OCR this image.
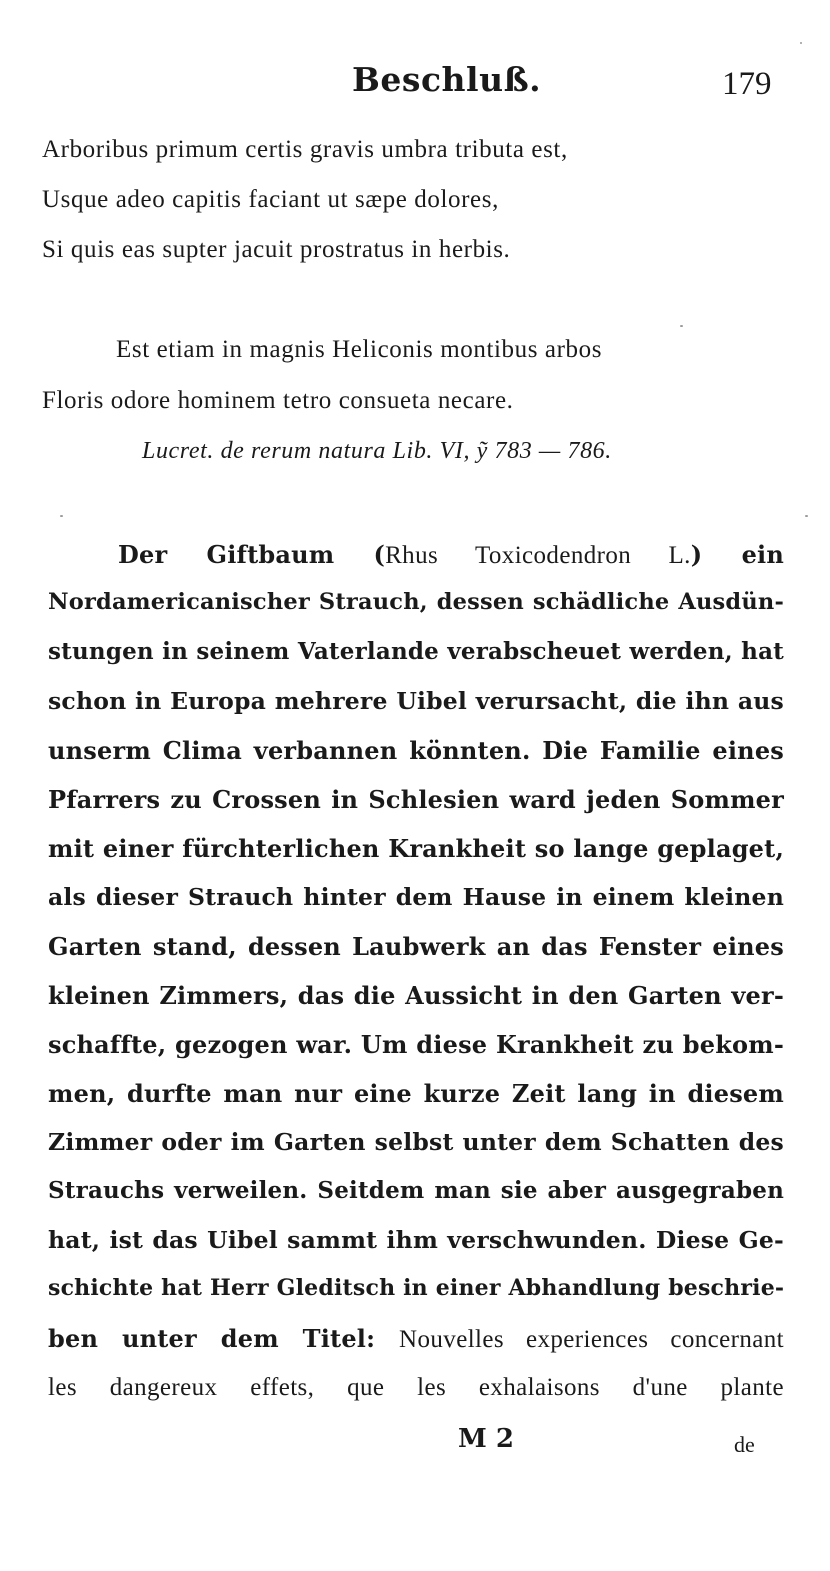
Beschluß.	179
Arboribus primum certis gravis umbra tributa est,
Usque adeo capitis faciant ut sæpe dolores,
Si quis eas supter jacuit prostratus in herbis.
Est etiam in magnis Heliconis montibus arbos
Floris odore hominem tetro consueta necare.
Lucret. de rerum natura Lib. VI, ỹ 783 — 786.
Der Giftbaum (Rhus Toxicodendron L.) ein
Nordamericanischer Strauch, dessen schädliche Ausdün-
stungen in seinem Vaterlande verabscheuet werden, hat
schon in Europa mehrere Uibel verursacht, die ihn aus
unserm Clima verbannen könnten. Die Familie eines
Pfarrers zu Crossen in Schlesien ward jeden Sommer
mit einer fürchterlichen Krankheit so lange geplaget,
als dieser Strauch hinter dem Hause in einem kleinen
Garten stand, dessen Laubwerk an das Fenster eines
kleinen Zimmers, das die Aussicht in den Garten ver-
schaffte, gezogen war. Um diese Krankheit zu bekom-
men, durfte man nur eine kurze Zeit lang in diesem
Zimmer oder im Garten selbst unter dem Schatten des
Strauchs verweilen. Seitdem man sie aber ausgegraben
hat, ist das Uibel sammt ihm verschwunden. Diese Ge-
schichte hat Herr Gleditsch in einer Abhandlung beschrie-
ben unter dem Titel: Nouvelles experiences concernant
les dangereux effets, que les exhalaisons d'une plante
M 2	de
